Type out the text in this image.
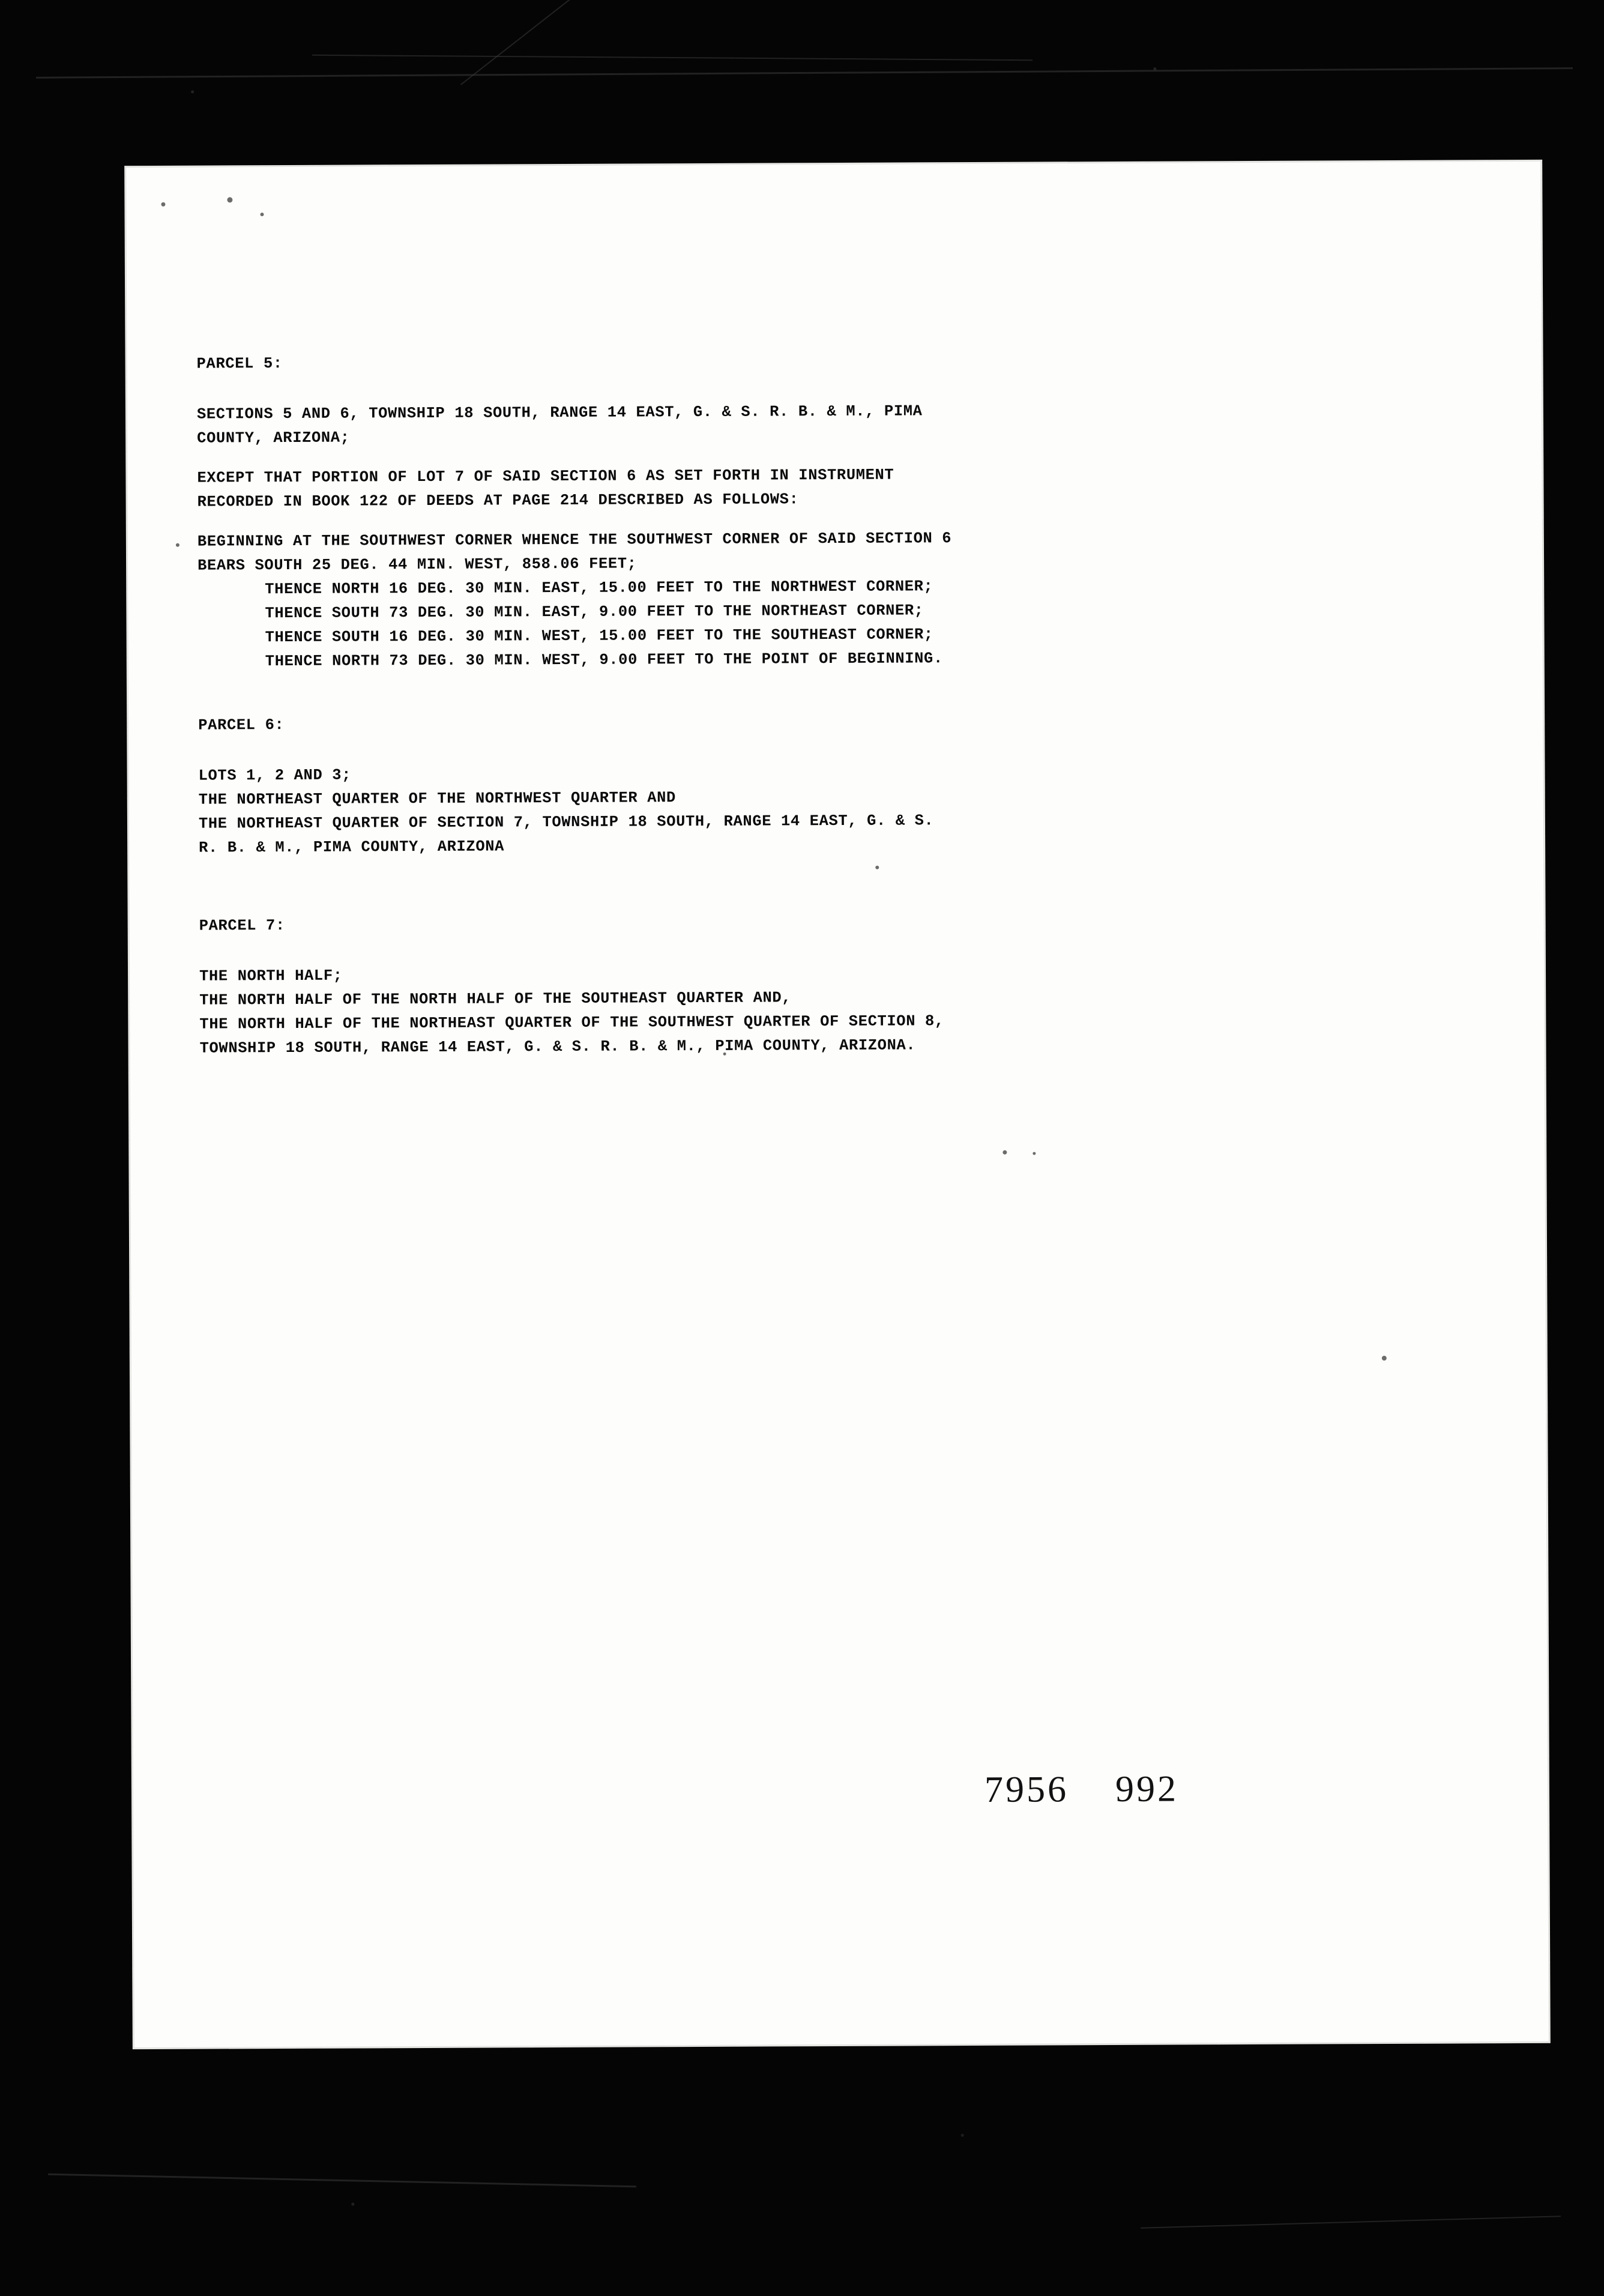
PARCEL 5:
SECTIONS 5 AND 6, TOWNSHIP 18 SOUTH, RANGE 14 EAST, G. & S. R. B. & M., PIMA
COUNTY, ARIZONA;
EXCEPT THAT PORTION OF LOT 7 OF SAID SECTION 6 AS SET FORTH IN INSTRUMENT
RECORDED IN BOOK 122 OF DEEDS AT PAGE 214 DESCRIBED AS FOLLOWS:
BEGINNING AT THE SOUTHWEST CORNER WHENCE THE SOUTHWEST CORNER OF SAID SECTION 6
BEARS SOUTH 25 DEG. 44 MIN. WEST, 858.06 FEET;
THENCE NORTH 16 DEG. 30 MIN. EAST, 15.00 FEET TO THE NORTHWEST CORNER;
THENCE SOUTH 73 DEG. 30 MIN. EAST, 9.00 FEET TO THE NORTHEAST CORNER;
THENCE SOUTH 16 DEG. 30 MIN. WEST, 15.00 FEET TO THE SOUTHEAST CORNER;
THENCE NORTH 73 DEG. 30 MIN. WEST, 9.00 FEET TO THE POINT OF BEGINNING.
PARCEL 6:
LOTS 1, 2 AND 3;
THE NORTHEAST QUARTER OF THE NORTHWEST QUARTER AND
THE NORTHEAST QUARTER OF SECTION 7, TOWNSHIP 18 SOUTH, RANGE 14 EAST, G. & S.
R. B. & M., PIMA COUNTY, ARIZONA
PARCEL 7:
THE NORTH HALF;
THE NORTH HALF OF THE NORTH HALF OF THE SOUTHEAST QUARTER AND,
THE NORTH HALF OF THE NORTHEAST QUARTER OF THE SOUTHWEST QUARTER OF SECTION 8,
TOWNSHIP 18 SOUTH, RANGE 14 EAST, G. & S. R. B. & M., PIMA COUNTY, ARIZONA.
7956 992
